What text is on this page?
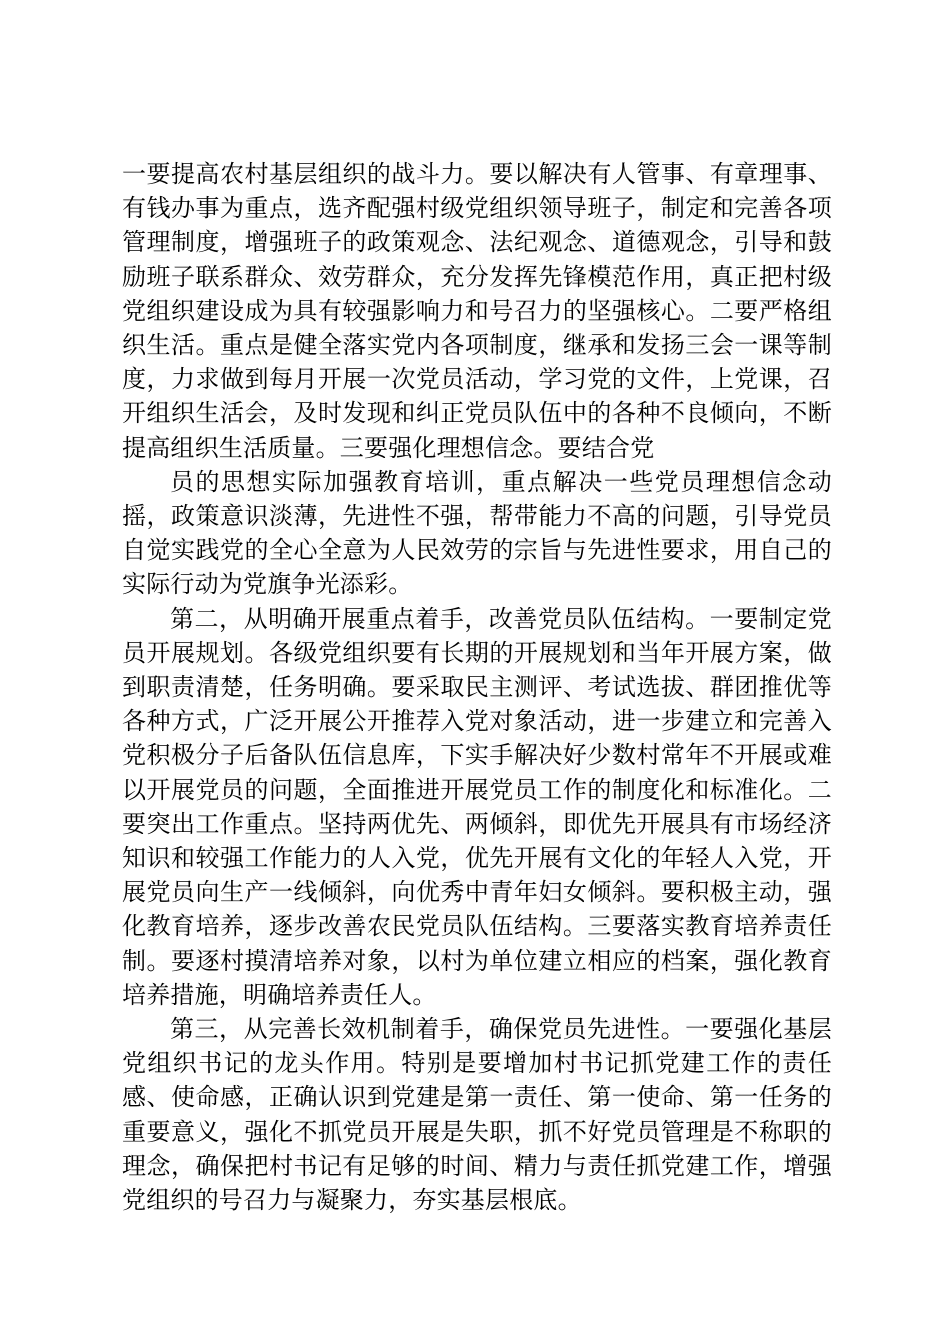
一要提高农村基层组织的战斗力。要以解决有人管事、有章理事、有钱办事为重点，选齐配强村级党组织领导班子，制定和完善各项管理制度，增强班子的政策观念、法纪观念、道德观念，引导和鼓励班子联系群众、效劳群众，充分发挥先锋模范作用，真正把村级党组织建设成为具有较强影响力和号召力的坚强核心。二要严格组织生活。重点是健全落实党内各项制度，继承和发扬三会一课等制度，力求做到每月开展一次党员活动，学习党的文件，上党课，召开组织生活会，及时发现和纠正党员队伍中的各种不良倾向，不断提高组织生活质量。三要强化理想信念。要结合党

员的思想实际加强教育培训，重点解决一些党员理想信念动摇，政策意识淡薄，先进性不强，帮带能力不高的问题，引导党员自觉实践党的全心全意为人民效劳的宗旨与先进性要求，用自己的实际行动为党旗争光添彩。

第二，从明确开展重点着手，改善党员队伍结构。一要制定党员开展规划。各级党组织要有长期的开展规划和当年开展方案，做到职责清楚，任务明确。要采取民主测评、考试选拔、群团推优等各种方式，广泛开展公开推荐入党对象活动，进一步建立和完善入党积极分子后备队伍信息库，下实手解决好少数村常年不开展或难以开展党员的问题，全面推进开展党员工作的制度化和标准化。二要突出工作重点。坚持两优先、两倾斜，即优先开展具有市场经济知识和较强工作能力的人入党，优先开展有文化的年轻人入党，开展党员向生产一线倾斜，向优秀中青年妇女倾斜。要积极主动，强化教育培养，逐步改善农民党员队伍结构。三要落实教育培养责任制。要逐村摸清培养对象，以村为单位建立相应的档案，强化教育培养措施，明确培养责任人。

第三，从完善长效机制着手，确保党员先进性。一要强化基层党组织书记的龙头作用。特别是要增加村书记抓党建工作的责任感、使命感，正确认识到党建是第一责任、第一使命、第一任务的重要意义，强化不抓党员开展是失职，抓不好党员管理是不称职的理念，确保把村书记有足够的时间、精力与责任抓党建工作，增强党组织的号召力与凝聚力，夯实基层根底。
